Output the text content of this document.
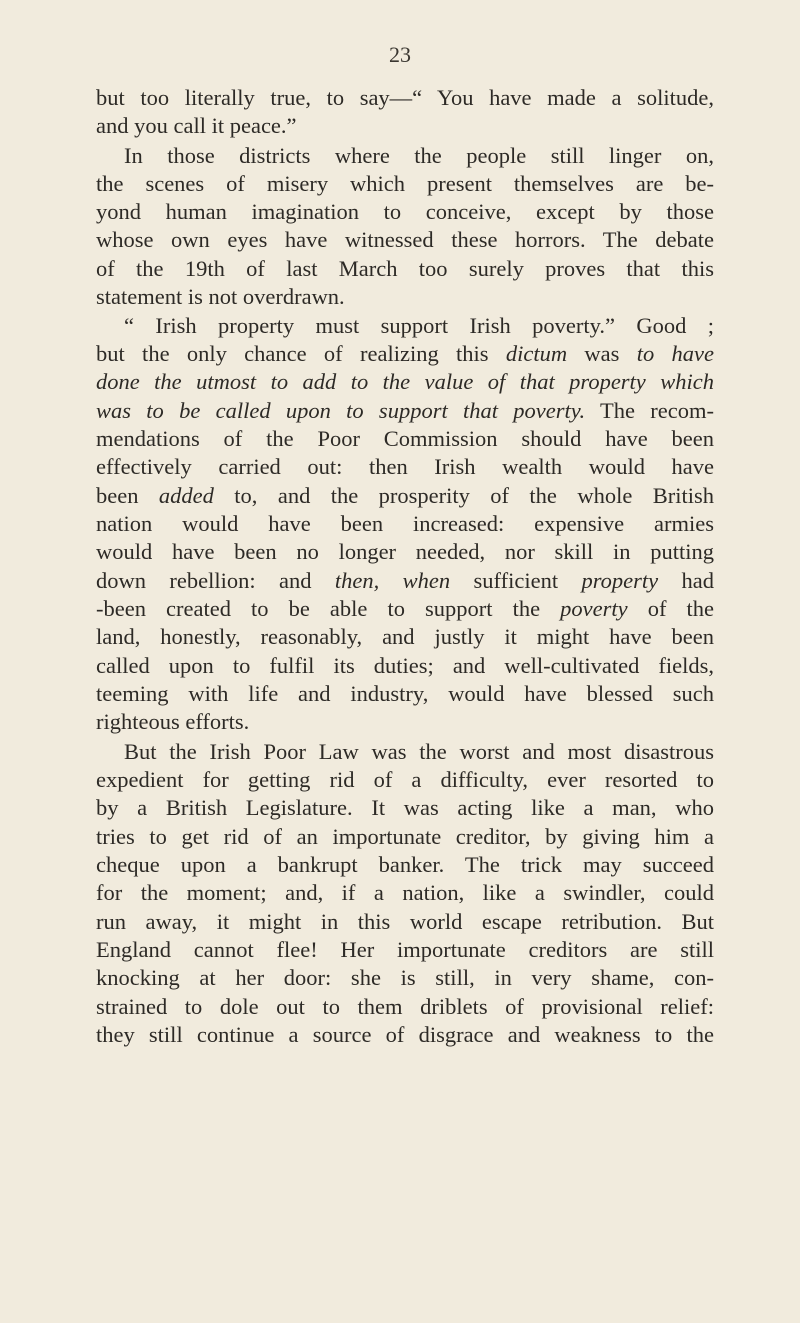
23
but too literally true, to say—“ You have made a solitude,
and you call it peace.”
In those districts where the people still linger on,
the scenes of misery which present themselves are be-
yond human imagination to conceive, except by those
whose own eyes have witnessed these horrors. The debate
of the 19th of last March too surely proves that this
statement is not overdrawn.
“ Irish property must support Irish poverty.” Good ;
but the only chance of realizing this dictum was to have
done the utmost to add to the value of that property which
was to be called upon to support that poverty. The recom-
mendations of the Poor Commission should have been
effectively carried out: then Irish wealth would have
been added to, and the prosperity of the whole British
nation would have been increased: expensive armies
would have been no longer needed, nor skill in putting
down rebellion: and then, when sufficient property had
-been created to be able to support the poverty of the
land, honestly, reasonably, and justly it might have been
called upon to fulfil its duties; and well-cultivated fields,
teeming with life and industry, would have blessed such
righteous efforts.
But the Irish Poor Law was the worst and most disastrous
expedient for getting rid of a difficulty, ever resorted to
by a British Legislature. It was acting like a man, who
tries to get rid of an importunate creditor, by giving him a
cheque upon a bankrupt banker. The trick may succeed
for the moment; and, if a nation, like a swindler, could
run away, it might in this world escape retribution. But
England cannot flee! Her importunate creditors are still
knocking at her door: she is still, in very shame, con-
strained to dole out to them driblets of provisional relief:
they still continue a source of disgrace and weakness to the
